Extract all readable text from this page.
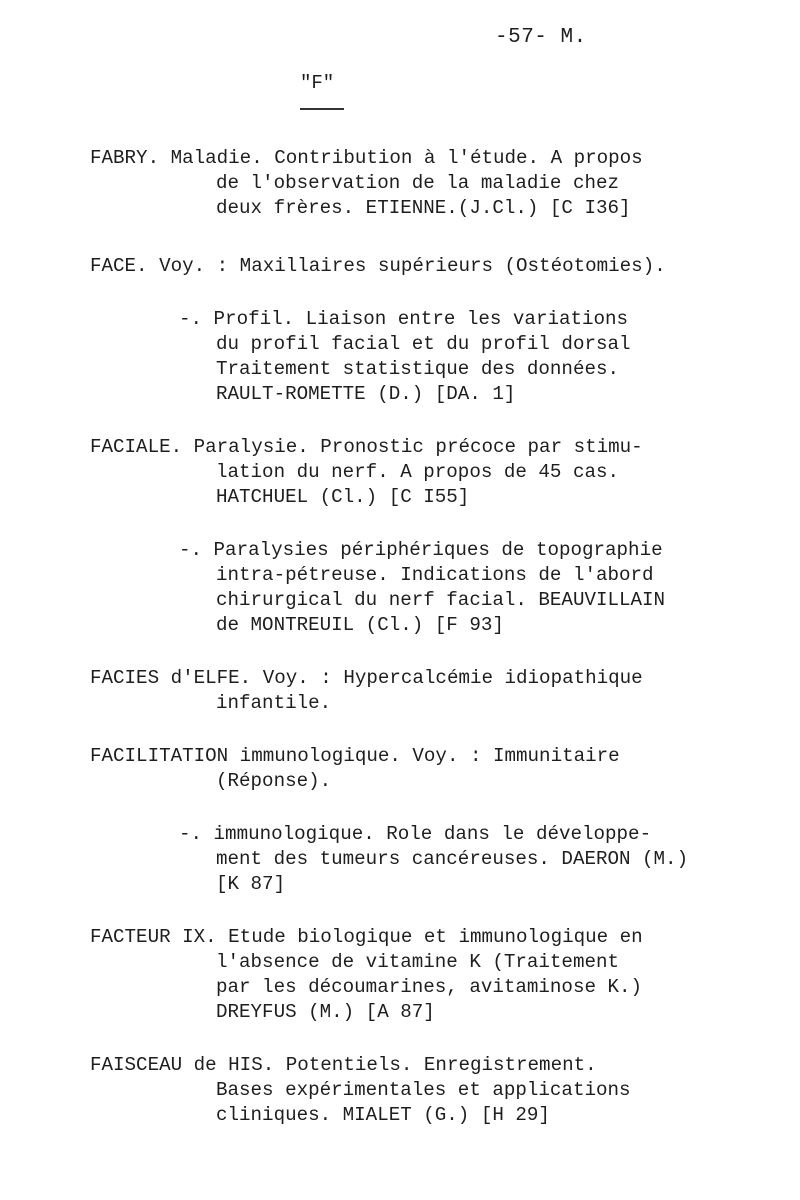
-57- M.
"F"
FABRY. Maladie. Contribution à l'étude. A propos
de l'observation de la maladie chez
deux frères. ETIENNE.(J.Cl.) [C I36]
FACE. Voy. : Maxillaires supérieurs (Ostéotomies).
-. Profil. Liaison entre les variations
du profil facial et du profil dorsal
Traitement statistique des données.
RAULT-ROMETTE (D.) [DA. 1]
FACIALE. Paralysie. Pronostic précoce par stimu-
lation du nerf. A propos de 45 cas.
HATCHUEL (Cl.) [C I55]
-. Paralysies périphériques de topographie
intra-pétreuse. Indications de l'abord
chirurgical du nerf facial. BEAUVILLAIN
de MONTREUIL (Cl.) [F 93]
FACIES d'ELFE. Voy. : Hypercalcémie idiopathique
infantile.
FACILITATION immunologique. Voy. : Immunitaire
(Réponse).
-. immunologique. Role dans le développe-
ment des tumeurs cancéreuses. DAERON (M.)
[K 87]
FACTEUR IX. Etude biologique et immunologique en
l'absence de vitamine K (Traitement
par les découmarines, avitaminose K.)
DREYFUS (M.) [A 87]
FAISCEAU de HIS. Potentiels. Enregistrement.
Bases expérimentales et applications
cliniques. MIALET (G.) [H 29]
